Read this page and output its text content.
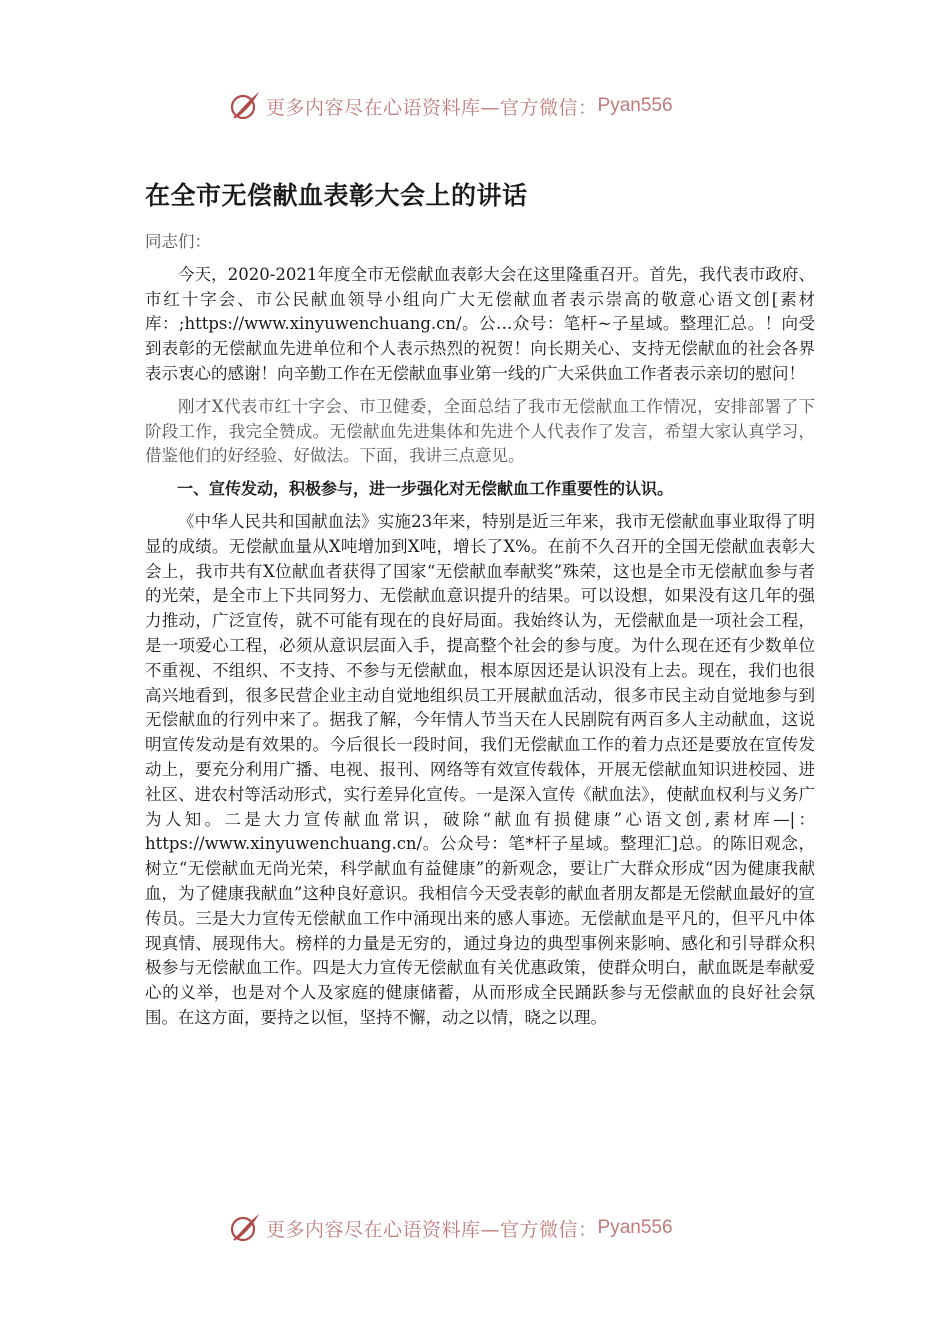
更多内容尽在心语资料库—官方微信： Pyan556
在全市无偿献血表彰大会上的讲话

同志们：

今天，2020-2021年度全市无偿献血表彰大会在这里隆重召开。首先，我代表市政府、市红十字会、市公民献血领导小组向广大无偿献血者表示崇高的敬意心语文创[素材库：;https://www.xinyuwenchuang.cn/。公…众号：笔杆~子星域。整理汇总。！向受到表彰的无偿献血先进单位和个人表示热烈的祝贺！向长期关心、支持无偿献血的社会各界表示衷心的感谢！向辛勤工作在无偿献血事业第一线的广大采供血工作者表示亲切的慰问！

刚才X代表市红十字会、市卫健委，全面总结了我市无偿献血工作情况，安排部署了下阶段工作，我完全赞成。无偿献血先进集体和先进个人代表作了发言，希望大家认真学习，借鉴他们的好经验、好做法。下面，我讲三点意见。

一、宣传发动，积极参与，进一步强化对无偿献血工作重要性的认识。

《中华人民共和国献血法》实施23年来，特别是近三年来，我市无偿献血事业取得了明显的成绩。无偿献血量从X吨增加到X吨，增长了X%。在前不久召开的全国无偿献血表彰大会上，我市共有X位献血者获得了国家“无偿献血奉献奖”殊荣，这也是全市无偿献血参与者的光荣，是全市上下共同努力、无偿献血意识提升的结果。可以设想，如果没有这几年的强力推动，广泛宣传，就不可能有现在的良好局面。我始终认为，无偿献血是一项社会工程，是一项爱心工程，必须从意识层面入手，提高整个社会的参与度。为什么现在还有少数单位不重视、不组织、不支持、不参与无偿献血，根本原因还是认识没有上去。现在，我们也很高兴地看到，很多民营企业主动自觉地组织员工开展献血活动，很多市民主动自觉地参与到无偿献血的行列中来了。据我了解，今年情人节当天在人民剧院有两百多人主动献血，这说明宣传发动是有效果的。今后很长一段时间，我们无偿献血工作的着力点还是要放在宣传发动上，要充分利用广播、电视、报刊、网络等有效宣传载体，开展无偿献血知识进校园、进社区、进农村等活动形式，实行差异化宣传。一是深入宣传《献血法》，使献血权利与义务广为人知。二是大力宣传献血常识，破除“献血有损健康”心语文创,素材库—|：https://www.xinyuwenchuang.cn/。公众号：笔*杆子星域。整理汇]总。的陈旧观念，树立“无偿献血无尚光荣，科学献血有益健康”的新观念，要让广大群众形成“因为健康我献血，为了健康我献血”这种良好意识。我相信今天受表彰的献血者朋友都是无偿献血最好的宣传员。三是大力宣传无偿献血工作中涌现出来的感人事迹。无偿献血是平凡的，但平凡中体现真情、展现伟大。榜样的力量是无穷的，通过身边的典型事例来影响、感化和引导群众积极参与无偿献血工作。四是大力宣传无偿献血有关优惠政策，使群众明白，献血既是奉献爱心的义举，也是对个人及家庭的健康储蓄，从而形成全民踊跃参与无偿献血的良好社会氛围。在这方面，要持之以恒，坚持不懈，动之以情，晓之以理。

更多内容尽在心语资料库—官方微信： Pyan556
